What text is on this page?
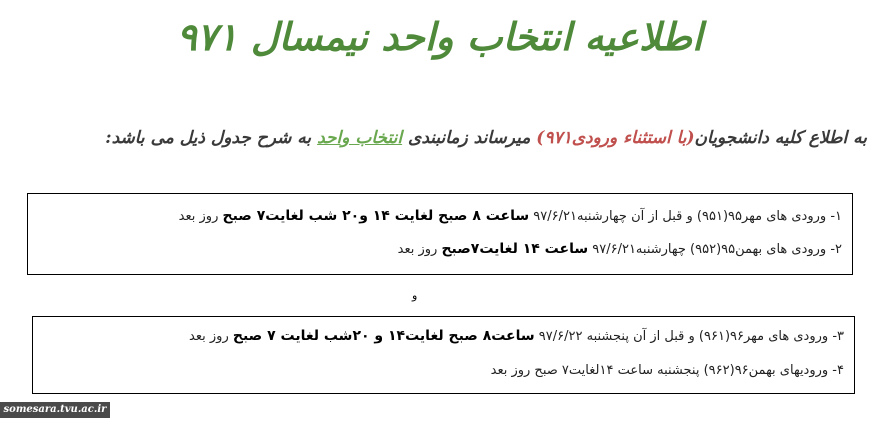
اطلاعیه انتخاب واحد نیمسال ۹۷۱
به اطلاع کلیه دانشجویان(با استثناء ورودی۹۷۱) میرساند زمانبندی انتخاب واحد به شرح جدول ذیل می باشد:
۱- ورودی های مهر۹۵(۹۵۱) و قبل از آن چهارشنبه۹۷/۶/۲۱ ساعت ۸ صبح لغایت ۱۴ و۲۰ شب لغایت۷ صبح روز بعد
۲- ورودی های بهمن۹۵(۹۵۲) چهارشنبه۹۷/۶/۲۱ ساعت ۱۴ لغایت۷صبح روز بعد
و
۳- ورودی های مهر۹۶(۹۶۱) و قبل از آن پنجشنبه ۹۷/۶/۲۲ ساعت۸ صبح لغایت۱۴ و ۲۰شب لغایت ۷ صبح روز بعد
۴- ورودیهای بهمن۹۶(۹۶۲) پنجشنبه ساعت ۱۴لغایت۷ صبح روز بعد
somesara.tvu.ac.ir
